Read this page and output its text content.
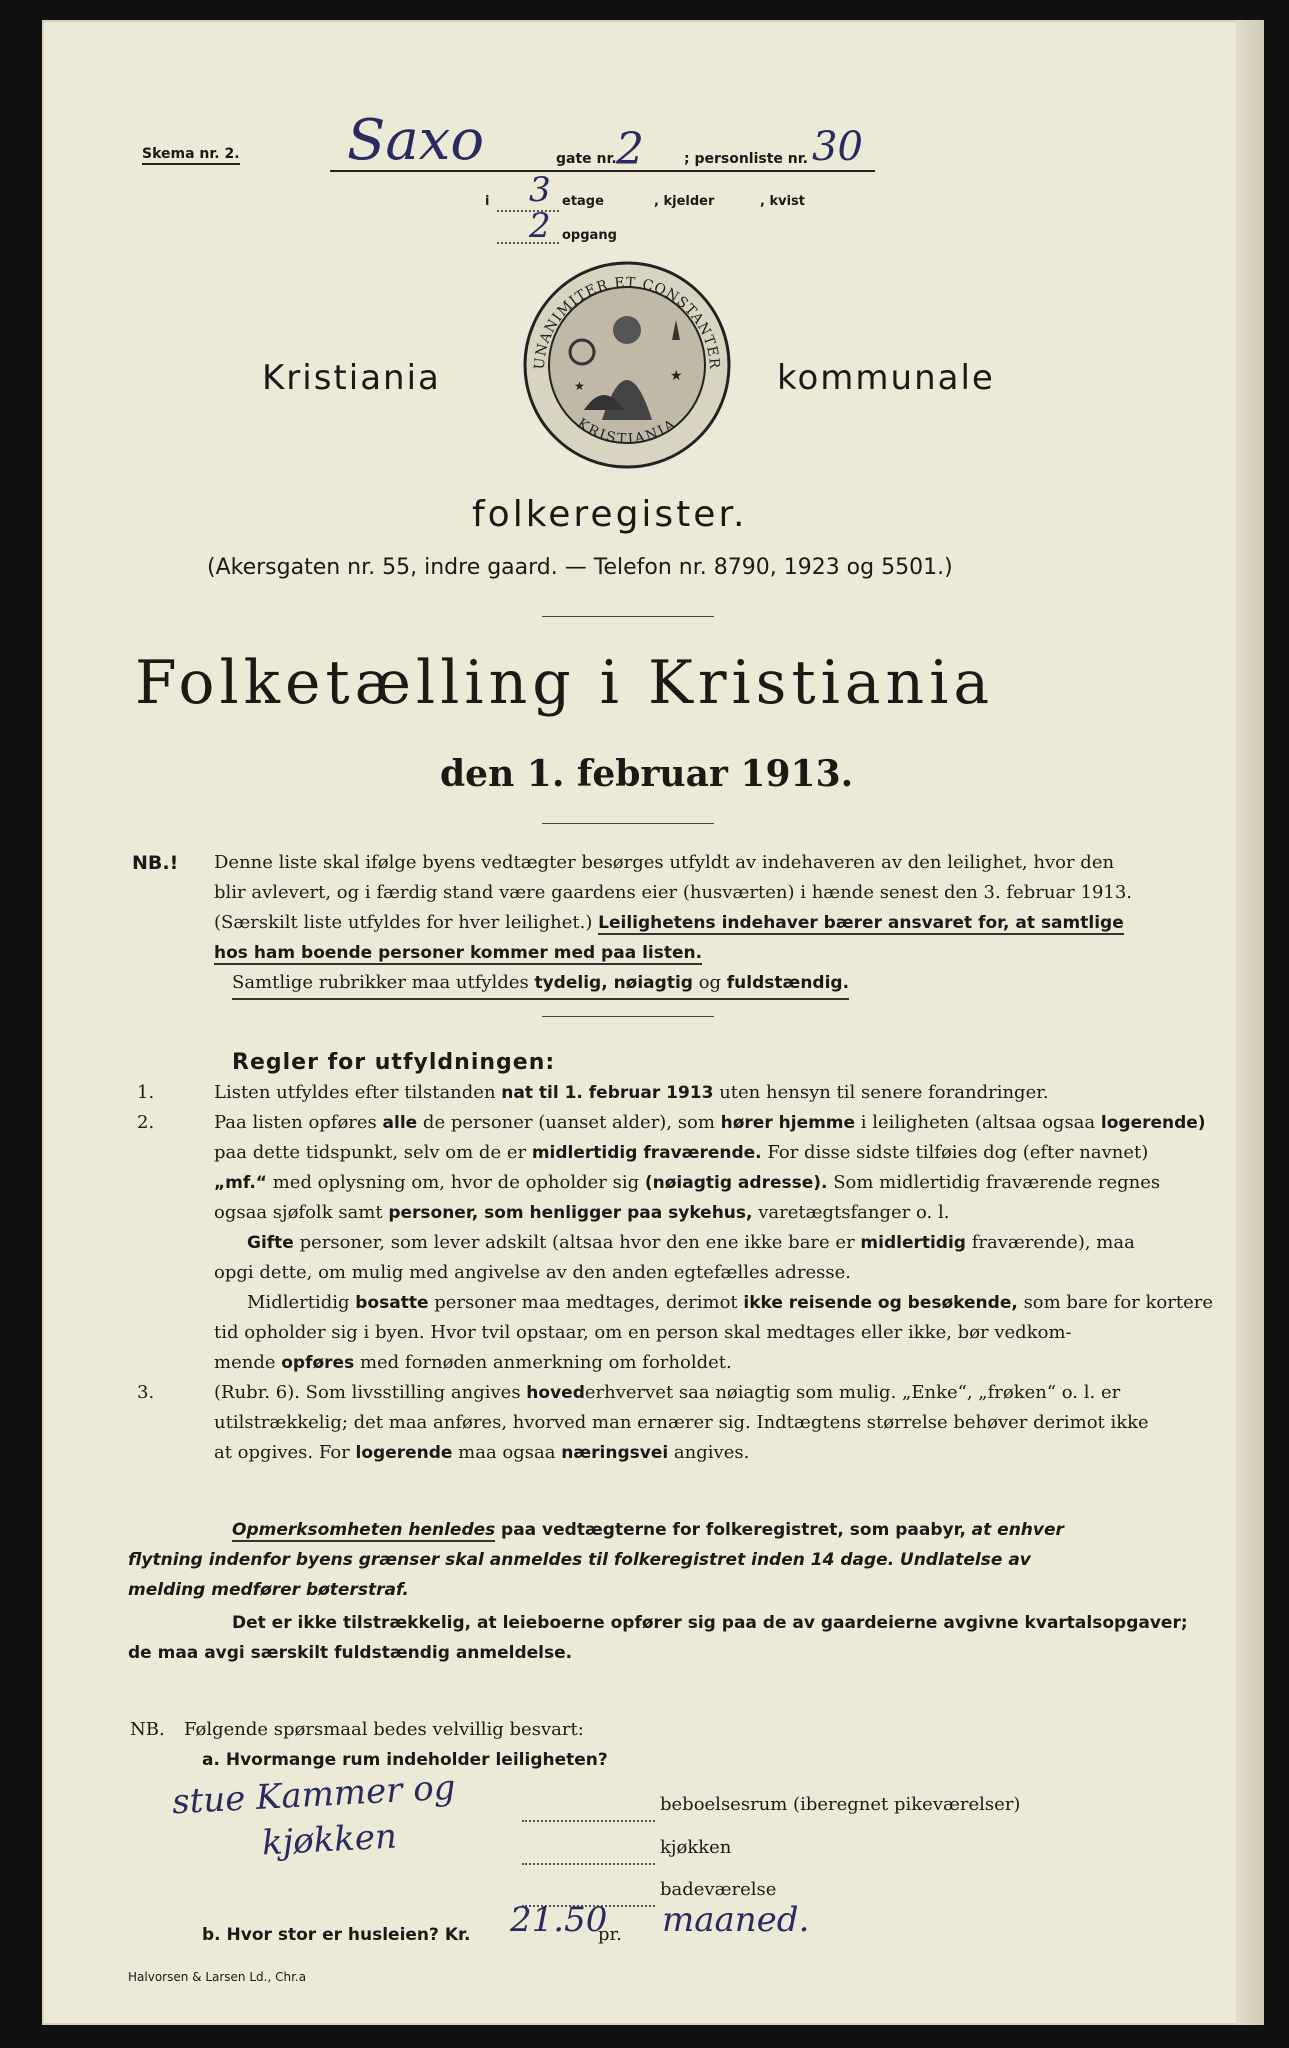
Skema nr. 2. Saxo	gate nr. 2	; personliste nr. 30
i 3 etage	, kjelder	, kvist
2 opgang
Kristiania	UNANIMITER ET CONSTANTER
KRISTIANIA
★
★	kommunale
folkeregister.
(Akersgaten nr. 55, indre gaard. — Telefon nr. 8790, 1923 og 5501.)
Folketælling i Kristiania
den 1. februar 1913.
NB.! Denne liste skal ifølge byens vedtægter besørges utfyldt av indehaveren av den leilighet, hvor den
blir avlevert, og i færdig stand være gaardens eier (husværten) i hænde senest den 3. februar 1913.
(Særskilt liste utfyldes for hver leilighet.) Leilighetens indehaver bærer ansvaret for, at samtlige
hos ham boende personer kommer med paa listen.
Samtlige rubrikker maa utfyldes tydelig, nøiagtig og fuldstændig.
Regler for utfyldningen:
1.	Listen utfyldes efter tilstanden nat til 1. februar 1913 uten hensyn til senere forandringer.
2.	Paa listen opføres alle de personer (uanset alder), som hører hjemme i leiligheten (altsaa ogsaa logerende)
paa dette tidspunkt, selv om de er midlertidig fraværende. For disse sidste tilføies dog (efter navnet)
„mf.“ med oplysning om, hvor de opholder sig (nøiagtig adresse). Som midlertidig fraværende regnes
ogsaa sjøfolk samt personer, som henligger paa sykehus, varetægtsfanger o. l.
Gifte personer, som lever adskilt (altsaa hvor den ene ikke bare er midlertidig fraværende), maa
opgi dette, om mulig med angivelse av den anden egtefælles adresse.
Midlertidig bosatte personer maa medtages, derimot ikke reisende og besøkende, som bare for kortere
tid opholder sig i byen. Hvor tvil opstaar, om en person skal medtages eller ikke, bør vedkom-
mende opføres med fornøden anmerkning om forholdet.
3.	(Rubr. 6). Som livsstilling angives hovederhvervet saa nøiagtig som mulig. „Enke“, „frøken“ o. l. er
utilstrækkelig; det maa anføres, hvorved man ernærer sig. Indtægtens størrelse behøver derimot ikke
at opgives. For logerende maa ogsaa næringsvei angives.
Opmerksomheten henledes paa vedtægterne for folkeregistret, som paabyr, at enhver
flytning indenfor byens grænser skal anmeldes til folkeregistret inden 14 dage. Undlatelse av
melding medfører bøterstraf.
Det er ikke tilstrækkelig, at leieboerne opfører sig paa de av gaardeierne avgivne kvartalsopgaver;
de maa avgi særskilt fuldstændig anmeldelse.
NB. Følgende spørsmaal bedes velvillig besvart:
a. Hvormange rum indeholder leiligheten?
stue Kammer og
kjøkken
beboelsesrum (iberegnet pikeværelser)
kjøkken
badeværelse
b. Hvor stor er husleien? Kr. 21.50
pr. maaned.
Halvorsen & Larsen Ld., Chr.a
